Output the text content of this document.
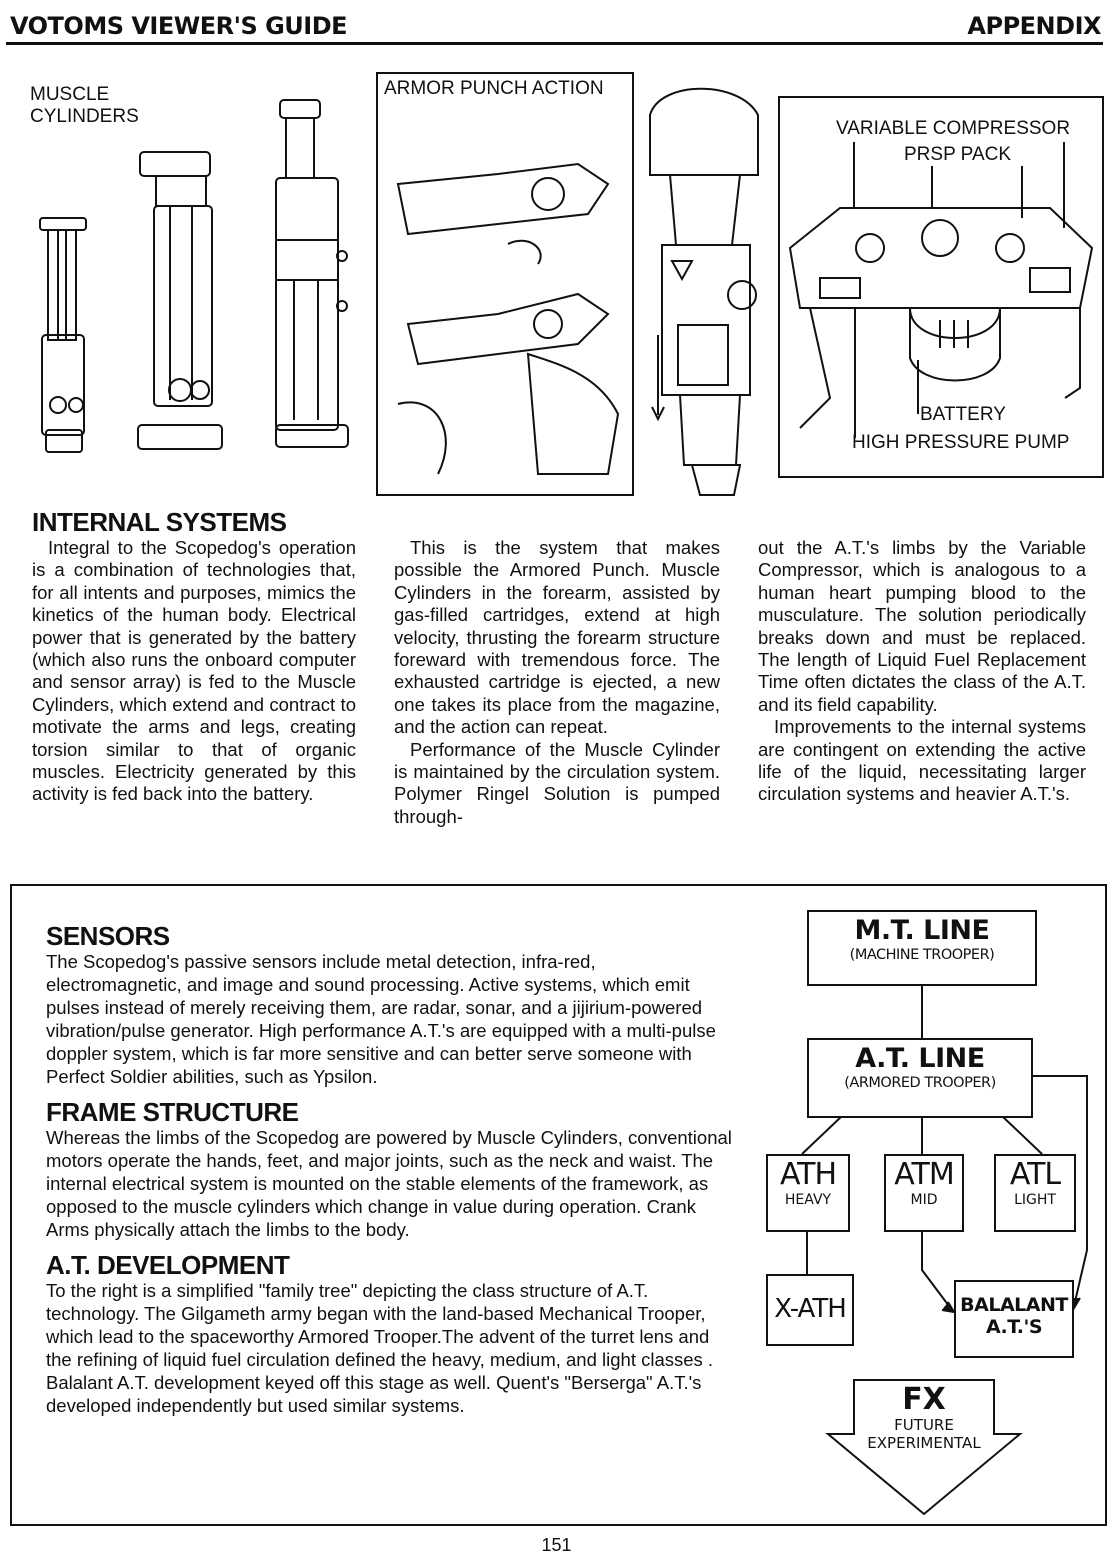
VOTOMS VIEWER'S GUIDE	APPENDIX
MUSCLE
CYLINDERS
ARMOR PUNCH ACTION
VARIABLE COMPRESSOR
PRSP PACK
BATTERY
HIGH PRESSURE PUMP
INTERNAL SYSTEMS

Integral to the Scopedog's operation is a combination of technologies that, for all intents and purposes, mimics the kinetics of the human body. Electrical power that is generated by the battery (which also runs the onboard computer and sensor array) is fed to the Muscle Cylinders, which extend and contract to motivate the arms and legs, creating torsion similar to that of organic muscles. Electricity generated by this activity is fed back into the battery.

This is the system that makes possible the Armored Punch. Muscle Cylinders in the forearm, assisted by gas-filled cartridges, extend at high velocity, thrusting the forearm structure foreward with tremendous force. The exhausted cartridge is ejected, a new one takes its place from the magazine, and the action can repeat.

Performance of the Muscle Cylinder is maintained by the circulation system. Polymer Ringel Solution is pumped through-

out the A.T.'s limbs by the Variable Compressor, which is analogous to a human heart pumping blood to the musculature. The solution periodically breaks down and must be replaced. The length of Liquid Fuel Replacement Time often dictates the class of the A.T. and its field capability.

Improvements to the internal systems are contingent on extending the active life of the liquid, necessitating larger circulation systems and heavier A.T.'s.

SENSORS

The Scopedog's passive sensors include metal detection, infra-red, electromagnetic, and image and sound processing. Active systems, which emit pulses instead of merely receiving them, are radar, sonar, and a jijirium-powered vibration/pulse generator. High performance A.T.'s are equipped with a multi-pulse doppler system, which is far more sensitive and can better serve someone with Perfect Soldier abilities, such as Ypsilon.

FRAME STRUCTURE

Whereas the limbs of the Scopedog are powered by Muscle Cylinders, conventional motors operate the hands, feet, and major joints, such as the neck and waist. The internal electrical system is mounted on the stable elements of the framework, as opposed to the muscle cylinders which change in value during operation. Crank Arms physically attach the limbs to the body.

A.T. DEVELOPMENT

To the right is a simplified "family tree" depicting the class structure of A.T. technology. The Gilgameth army began with the land-based Mechanical Trooper, which lead to the spaceworthy Armored Trooper.The advent of the turret lens and the refining of liquid fuel circulation defined the heavy, medium, and light classes . Balalant A.T. development keyed off this stage as well. Quent's "Berserga" A.T.'s developed independently but used similar systems.

M.T. LINE
(MACHINE TROOPER)
A.T. LINE
(ARMORED TROOPER)
ATH
HEAVY
ATM
MID
ATL
LIGHT
X-ATH	BALALANT
A.T.'S
FX
FUTURE
EXPERIMENTAL
151
